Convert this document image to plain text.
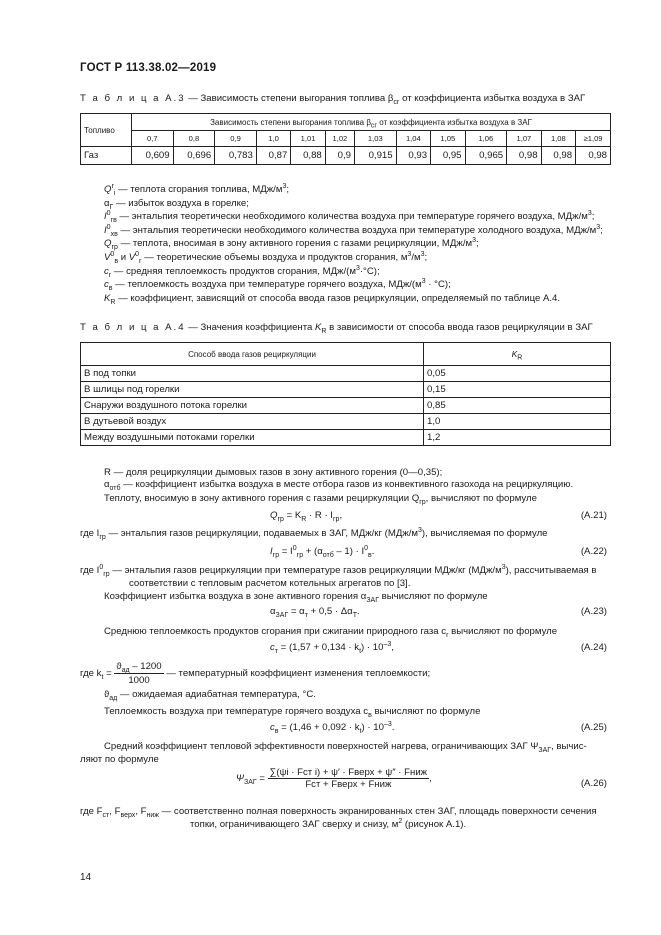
ГОСТ Р 113.38.02—2019
Т а б л и ц а А.3 — Зависимость степени выгорания топлива $\beta_{сг}$ от коэффициента избытка воздуха в ЗАГ
Топливо	Зависимость степени выгорания топлива $\beta_{сг}$ от коэффициента избытка воздуха в ЗАГ												
	0,7	0,8	0,9	1,0	1,01	1,02	1,03	1,04	1,05	1,06	1,07	1,08	≥1,09
Газ	0,609	0,696	0,783	0,87	0,88	0,9	0,915	0,93	0,95	0,965	0,98	0,98	0,98
$Q^r_i$ — теплота сгорания топлива, МДж/$м^3$;
$\alpha_Г$ — избыток воздуха в горелке;
$I^0_{гв}$ — энтальпия теоретически необходимого количества воздуха при температуре горячего воздуха, МДж/$м^3$;
$I^0_{хв}$ — энтальпия теоретически необходимого количества воздуха при температуре холодного воздуха, МДж/$м^3$;
$Q_{гр}$ — теплота, вносимая в зону активного горения с газами рециркуляции, МДж/$м^3$;
$V^0_в$ и $V^0_г$ — теоретические объемы воздуха и продуктов сгорания, $м^3/м^3$;
$c_r$ — средняя теплоемкость продуктов сгорания, МДж/$(м^3\cdot^\circ С)$;
$c_в$ — теплоемкость воздуха при температуре горячего воздуха, МДж/$(м^3 \cdot ^\circ С)$;
$K_R$ — коэффициент, зависящий от способа ввода газов рециркуляции, определяемый по таблице А.4.
Т а б л и ц а А.4 — Значения коэффициента $K_R$ в зависимости от способа ввода газов рециркуляции в ЗАГ
Способ ввода газов рециркуляции	$K_R$
В под топки	0,05
В шлицы под горелки	0,15
Снаружи воздушного потока горелки	0,85
В дутьевой воздух	1,0
Между воздушными потоками горелки	1,2
R — доля рециркуляции дымовых газов в зону активного горения (0—0,35);
$\alpha_{отб}$ — коэффициент избытка воздуха в месте отбора газов из конвективного газохода на рециркуляцию.
Теплоту, вносимую в зону активного горения с газами рециркуляции $Q_{гр}$, вычисляют по формуле
$Q_{гр} = K_R \cdot R \cdot I_{гр}$,	(А.21)
где $I_{гр}$ — энтальпия газов рециркуляции, подаваемых в ЗАГ, МДж/кг $(МДж/м^3)$, вычисляемая по формуле
$I_{гр} = I^0_{гр} + (\alpha_{отб} - 1) \cdot I^0_в$.	(А.22)
где $I^0_{гр}$ — энтальпия газов рециркуляции при температуре газов рециркуляции МДж/кг $(МДж/м^3)$, рассчитываемая в
соответствии с тепловым расчетом котельных агрегатов по [3].
Коэффициент избытка воздуха в зоне активного горения $\alpha_{ЗАГ}$ вычисляют по формуле
$\alpha_{ЗАГ} = \alpha_т + 0,5 \cdot \Delta\alpha_Т$.	(А.23)
Среднюю теплоемкость продуктов сгорания при сжигании природного газа $c_r$ вычисляют по формуле
$c_т = (1,57 + 0,134 \cdot k_t) \cdot 10^{-3}$,	(А.24)
где $k_t = \frac{ϑ_{ад} - 1200}{1000}$ — температурный коэффициент изменения теплоемкости;
$ϑ_{ад}$ — ожидаемая адиабатная температура, °С.
Теплоемкость воздуха при температуре горячего воздуха $c_в$ вычисляют по формуле
$c_в = (1,46 + 0,092 \cdot k_t) \cdot 10^{-3}$.	(А.25)
Средний коэффициент тепловой эффективности поверхностей нагрева, ограничивающих ЗАГ $\Psi_{ЗАГ}$, вычис-
ляют по формуле
$\Psi_{ЗАГ} = \frac{\text{∑(ψi · Fст i) + ψ′ · Fверх + ψ″ · Fниж}}{\text{Fст + Fверх + Fниж}}$ ,	(А.26)
где $F_{ст}$, $F_{верх}$, $F_{ниж}$ — соответственно полная поверхность экранированных стен ЗАГ, площадь поверхности сечения
топки, ограничивающего ЗАГ сверху и снизу, $м^2$ (рисунок А.1).
14
